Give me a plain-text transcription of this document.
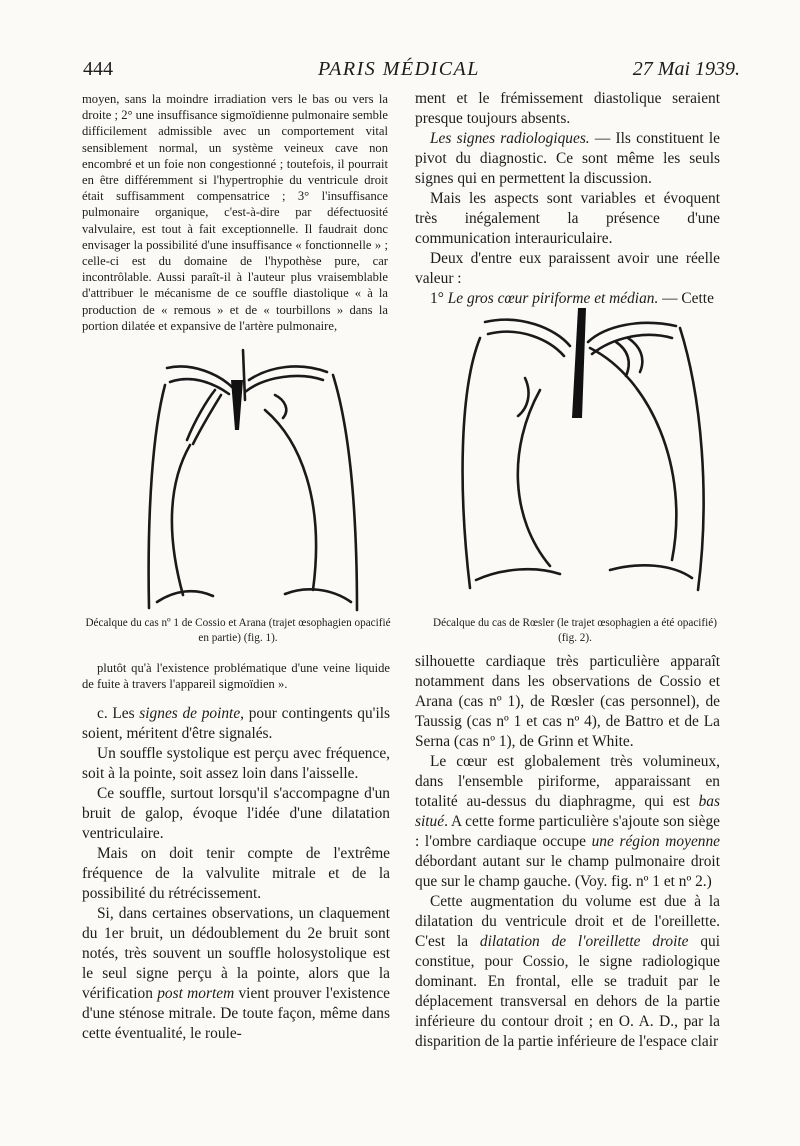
444	PARIS MÉDICAL	27 Mai 1939.

moyen, sans la moindre irradiation vers le bas ou vers la droite ; 2° une insuffisance sigmoïdienne pulmonaire semble difficilement admissible avec un comportement vital sensiblement normal, un système veineux cave non encombré et un foie non congestionné ; toutefois, il pourrait en être différemment si l'hypertrophie du ventricule droit était suffisamment compensatrice ; 3° l'insuffisance pulmonaire organique, c'est-à-dire par défectuosité valvulaire, est tout à fait exceptionnelle. Il faudrait donc envisager la possibilité d'une insuffisance « fonctionnelle » ; celle-ci est du domaine de l'hypothèse pure, car incontrôlable. Aussi paraît-il à l'auteur plus vraisemblable d'attribuer le mécanisme de ce souffle diastolique « à la production de « remous » et de « tourbillons » dans la portion dilatée et expansive de l'artère pulmonaire,

ment et le frémissement diastolique seraient presque toujours absents.

Les signes radiologiques. — Ils constituent le pivot du diagnostic. Ce sont même les seuls signes qui en permettent la discussion.

Mais les aspects sont variables et évoquent très inégalement la présence d'une communication interauriculaire.

Deux d'entre eux paraissent avoir une réelle valeur :

1° Le gros cœur piriforme et médian. — Cette

Décalque du cas nº 1 de Cossio et Arana (trajet œsophagien opacifié en partie) (fig. 1).
Décalque du cas de Rœsler (le trajet œsophagien a été opacifié) (fig. 2).

plutôt qu'à l'existence problématique d'une veine liquide de fuite à travers l'appareil sigmoïdien ».

c. Les signes de pointe, pour contingents qu'ils soient, méritent d'être signalés.

Un souffle systolique est perçu avec fréquence, soit à la pointe, soit assez loin dans l'aisselle.

Ce souffle, surtout lorsqu'il s'accompagne d'un bruit de galop, évoque l'idée d'une dilatation ventriculaire.

Mais on doit tenir compte de l'extrême fréquence de la valvulite mitrale et de la possibilité du rétrécissement.

Si, dans certaines observations, un claquement du 1er bruit, un dédoublement du 2e bruit sont notés, très souvent un souffle holosystolique est le seul signe perçu à la pointe, alors que la vérification post mortem vient prouver l'existence d'une sténose mitrale. De toute façon, même dans cette éventualité, le roule-

silhouette cardiaque très particulière apparaît notamment dans les observations de Cossio et Arana (cas nº 1), de Rœsler (cas personnel), de Taussig (cas nº 1 et cas nº 4), de Battro et de La Serna (cas nº 1), de Grinn et White.

Le cœur est globalement très volumineux, dans l'ensemble piriforme, apparaissant en totalité au-dessus du diaphragme, qui est bas situé. A cette forme particulière s'ajoute son siège : l'ombre cardiaque occupe une région moyenne débordant autant sur le champ pulmonaire droit que sur le champ gauche. (Voy. fig. nº 1 et nº 2.)

Cette augmentation du volume est due à la dilatation du ventricule droit et de l'oreillette. C'est la dilatation de l'oreillette droite qui constitue, pour Cossio, le signe radiologique dominant. En frontal, elle se traduit par le déplacement transversal en dehors de la partie inférieure du contour droit ; en O. A. D., par la disparition de la partie inférieure de l'espace clair
